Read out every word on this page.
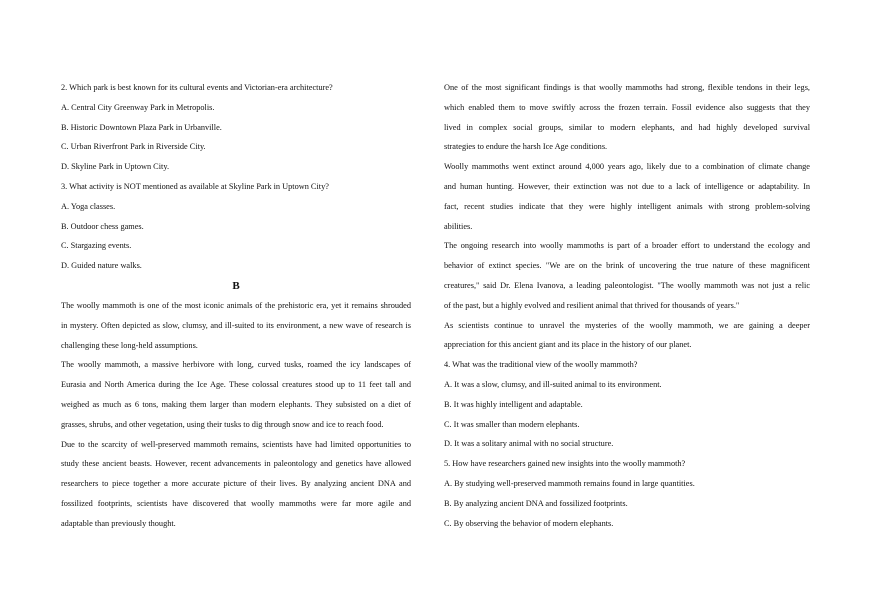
2. Which park is best known for its cultural events and Victorian-era architecture?
A. Central City Greenway Park in Metropolis.
B. Historic Downtown Plaza Park in Urbanville.
C. Urban Riverfront Park in Riverside City.
D. Skyline Park in Uptown City.
3. What activity is NOT mentioned as available at Skyline Park in Uptown City?
A. Yoga classes.
B. Outdoor chess games.
C. Stargazing events.
D. Guided nature walks.
B
The woolly mammoth is one of the most iconic animals of the prehistoric era, yet it remains shrouded
in mystery. Often depicted as slow, clumsy, and ill-suited to its environment, a new wave of research is
challenging these long-held assumptions.
The woolly mammoth, a massive herbivore with long, curved tusks, roamed the icy landscapes of
Eurasia and North America during the Ice Age. These colossal creatures stood up to 11 feet tall and
weighed as much as 6 tons, making them larger than modern elephants. They subsisted on a diet of
grasses, shrubs, and other vegetation, using their tusks to dig through snow and ice to reach food.
Due to the scarcity of well-preserved mammoth remains, scientists have had limited opportunities to
study these ancient beasts. However, recent advancements in paleontology and genetics have allowed
researchers to piece together a more accurate picture of their lives. By analyzing ancient DNA and
fossilized footprints, scientists have discovered that woolly mammoths were far more agile and
adaptable than previously thought.
One of the most significant findings is that woolly mammoths had strong, flexible tendons in their legs,
which enabled them to move swiftly across the frozen terrain. Fossil evidence also suggests that they
lived in complex social groups, similar to modern elephants, and had highly developed survival
strategies to endure the harsh Ice Age conditions.
Woolly mammoths went extinct around 4,000 years ago, likely due to a combination of climate change
and human hunting. However, their extinction was not due to a lack of intelligence or adaptability. In
fact, recent studies indicate that they were highly intelligent animals with strong problem-solving
abilities.
The ongoing research into woolly mammoths is part of a broader effort to understand the ecology and
behavior of extinct species. "We are on the brink of uncovering the true nature of these magnificent
creatures," said Dr. Elena Ivanova, a leading paleontologist. "The woolly mammoth was not just a relic
of the past, but a highly evolved and resilient animal that thrived for thousands of years."
As scientists continue to unravel the mysteries of the woolly mammoth, we are gaining a deeper
appreciation for this ancient giant and its place in the history of our planet.
4. What was the traditional view of the woolly mammoth?
A. It was a slow, clumsy, and ill-suited animal to its environment.
B. It was highly intelligent and adaptable.
C. It was smaller than modern elephants.
D. It was a solitary animal with no social structure.
5. How have researchers gained new insights into the woolly mammoth?
A. By studying well-preserved mammoth remains found in large quantities.
B. By analyzing ancient DNA and fossilized footprints.
C. By observing the behavior of modern elephants.
